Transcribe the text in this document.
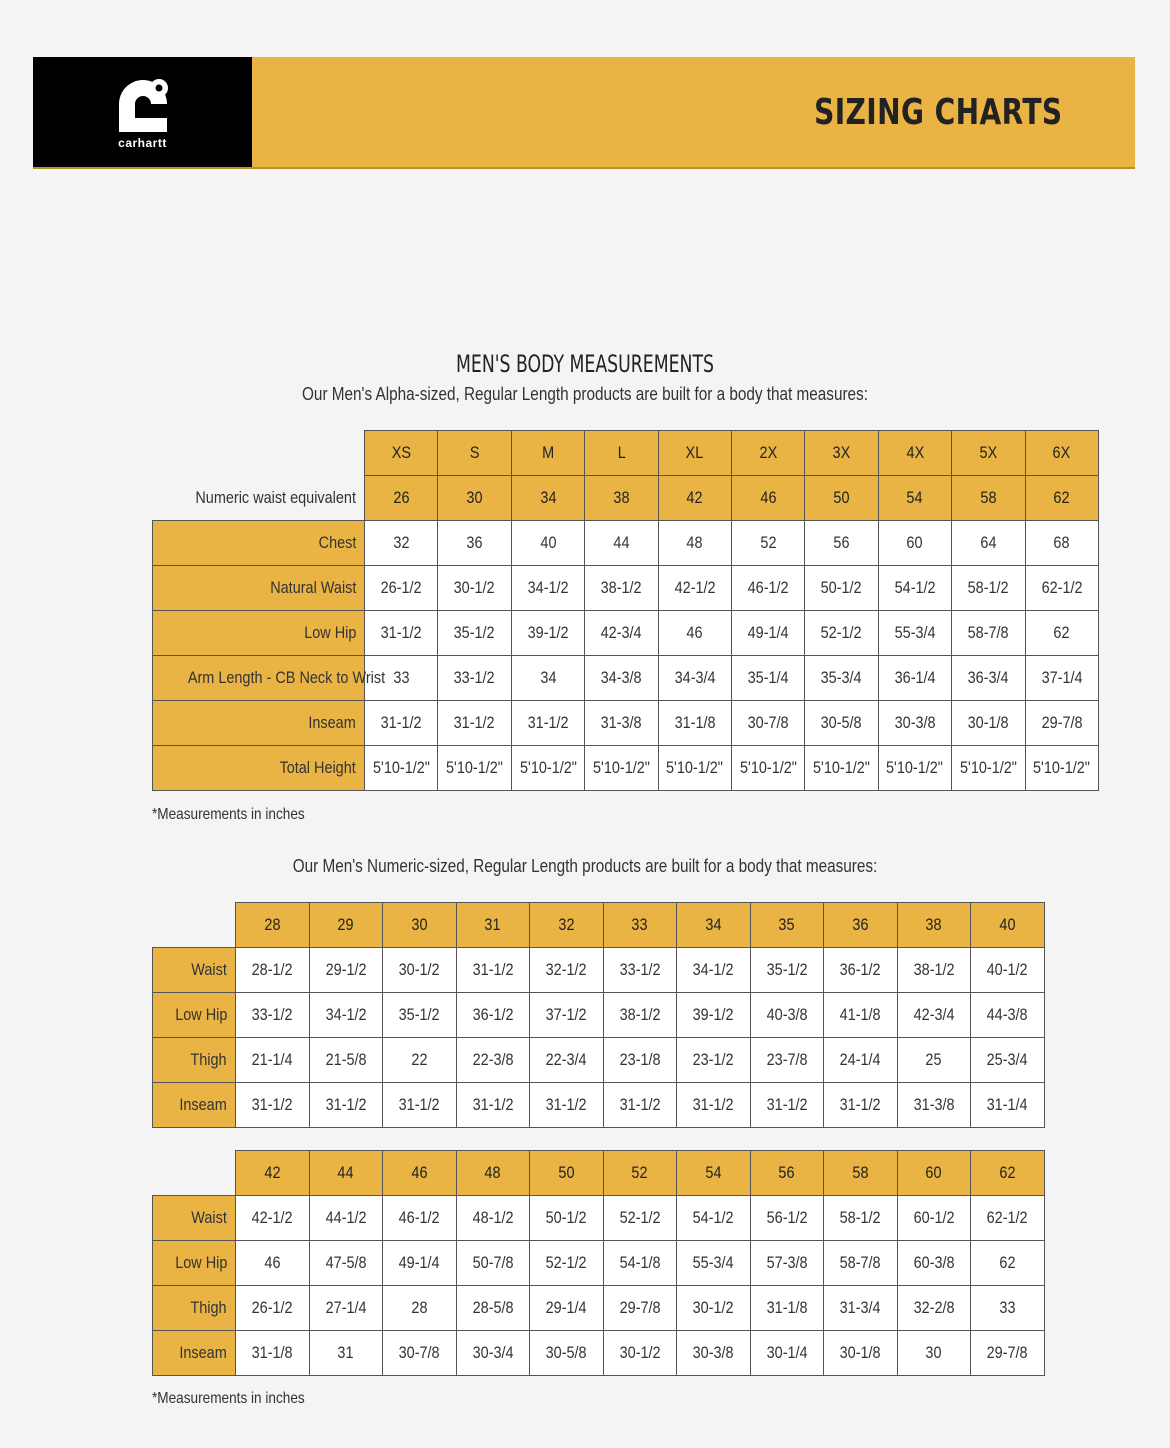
carhartt
SIZING CHARTS
MEN'S BODY MEASUREMENTS
Our Men's Alpha-sized, Regular Length products are built for a body that measures:
	XS	S	M	L	XL	2X	3X	4X	5X	6X
Numeric waist equivalent	26	30	34	38	42	46	50	54	58	62
Chest	32	36	40	44	48	52	56	60	64	68
Natural Waist	26-1/2	30-1/2	34-1/2	38-1/2	42-1/2	46-1/2	50-1/2	54-1/2	58-1/2	62-1/2
Low Hip	31-1/2	35-1/2	39-1/2	42-3/4	46	49-1/4	52-1/2	55-3/4	58-7/8	62
Arm Length - CB Neck to Wrist	33	33-1/2	34	34-3/8	34-3/4	35-1/4	35-3/4	36-1/4	36-3/4	37-1/4
Inseam	31-1/2	31-1/2	31-1/2	31-3/8	31-1/8	30-7/8	30-5/8	30-3/8	30-1/8	29-7/8
Total Height	5'10-1/2"	5'10-1/2"	5'10-1/2"	5'10-1/2"	5'10-1/2"	5'10-1/2"	5'10-1/2"	5'10-1/2"	5'10-1/2"	5'10-1/2"
*Measurements in inches
Our Men's Numeric-sized, Regular Length products are built for a body that measures:
	28	29	30	31	32	33	34	35	36	38	40
Waist	28-1/2	29-1/2	30-1/2	31-1/2	32-1/2	33-1/2	34-1/2	35-1/2	36-1/2	38-1/2	40-1/2
Low Hip	33-1/2	34-1/2	35-1/2	36-1/2	37-1/2	38-1/2	39-1/2	40-3/8	41-1/8	42-3/4	44-3/8
Thigh	21-1/4	21-5/8	22	22-3/8	22-3/4	23-1/8	23-1/2	23-7/8	24-1/4	25	25-3/4
Inseam	31-1/2	31-1/2	31-1/2	31-1/2	31-1/2	31-1/2	31-1/2	31-1/2	31-1/2	31-3/8	31-1/4
	42	44	46	48	50	52	54	56	58	60	62
Waist	42-1/2	44-1/2	46-1/2	48-1/2	50-1/2	52-1/2	54-1/2	56-1/2	58-1/2	60-1/2	62-1/2
Low Hip	46	47-5/8	49-1/4	50-7/8	52-1/2	54-1/8	55-3/4	57-3/8	58-7/8	60-3/8	62
Thigh	26-1/2	27-1/4	28	28-5/8	29-1/4	29-7/8	30-1/2	31-1/8	31-3/4	32-2/8	33
Inseam	31-1/8	31	30-7/8	30-3/4	30-5/8	30-1/2	30-3/8	30-1/4	30-1/8	30	29-7/8
*Measurements in inches
